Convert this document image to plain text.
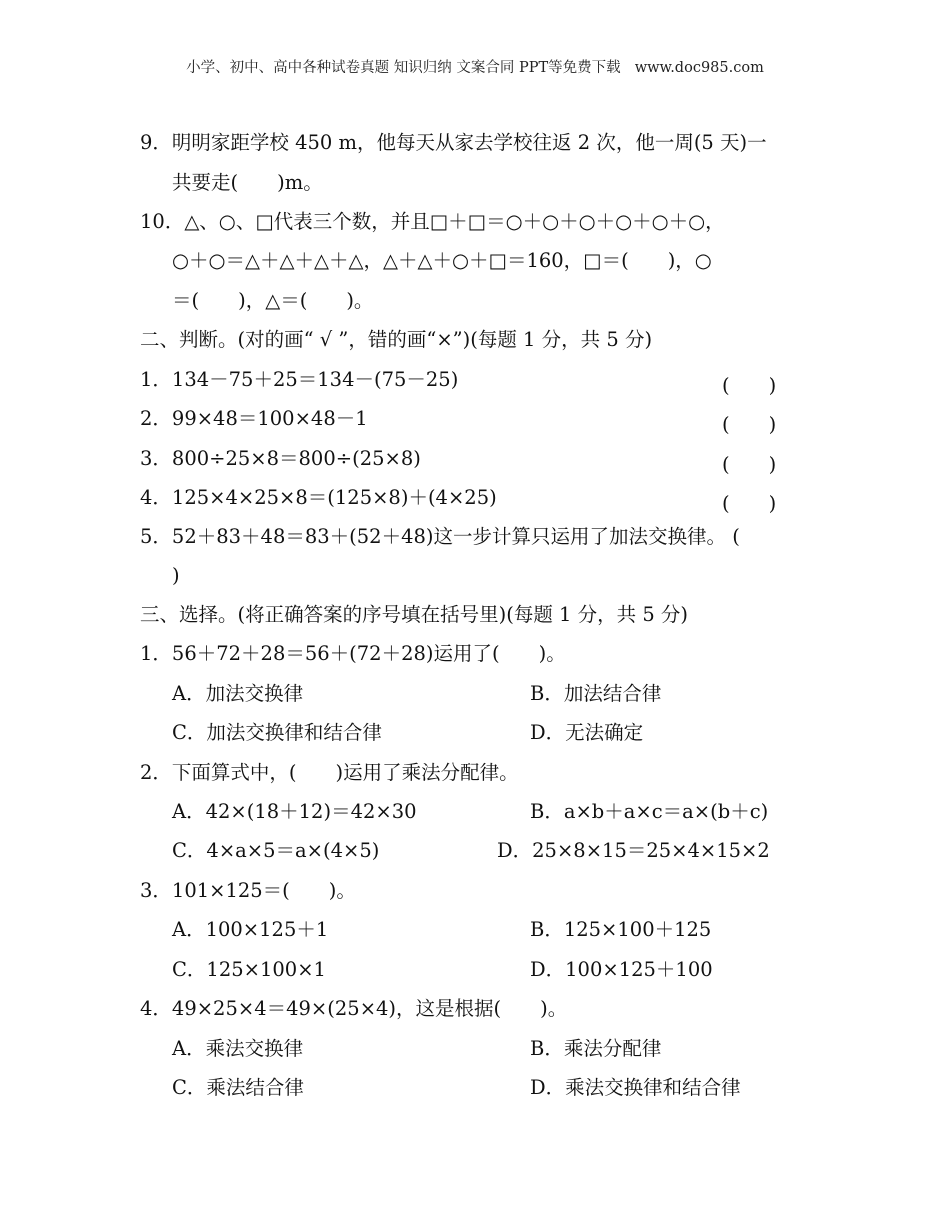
小学、初中、高中各种试卷真题 知识归纳 文案合同 PPT等免费下载 www.doc985.com
9．明明家距学校 450 m，他每天从家去学校往返 2 次，他一周(5 天)一
共要走(　　)m。
10．△、○、□代表三个数，并且□＋□＝○＋○＋○＋○＋○＋○，
○＋○＝△＋△＋△＋△，△＋△＋○＋□＝160，□＝(　　)，○
＝(　　)，△＝(　　)。
二、判断。(对的画“ √ ”，错的画“×”)(每题 1 分，共 5 分)
1．134－75＋25＝134－(75－25)	(　　)
2．99×48＝100×48－1	(　　)
3．800÷25×8＝800÷(25×8)	(　　)
4．125×4×25×8＝(125×8)＋(4×25)	(　　)
5．52＋83＋48＝83＋(52＋48)这一步计算只运用了加法交换律。 (
)
三、选择。(将正确答案的序号填在括号里)(每题 1 分，共 5 分)
1．56＋72＋28＝56＋(72＋28)运用了(　　)。
A．加法交换律	B．加法结合律
C．加法交换律和结合律	D．无法确定
2．下面算式中，(　　)运用了乘法分配律。
A．42×(18＋12)＝42×30	B．a×b＋a×c＝a×(b＋c)
C．4×a×5＝a×(4×5)	D．25×8×15＝25×4×15×2
3．101×125＝(　　)。
A．100×125＋1	B．125×100＋125
C．125×100×1	D．100×125＋100
4．49×25×4＝49×(25×4)，这是根据(　　)。
A．乘法交换律	B．乘法分配律
C．乘法结合律	D．乘法交换律和结合律
